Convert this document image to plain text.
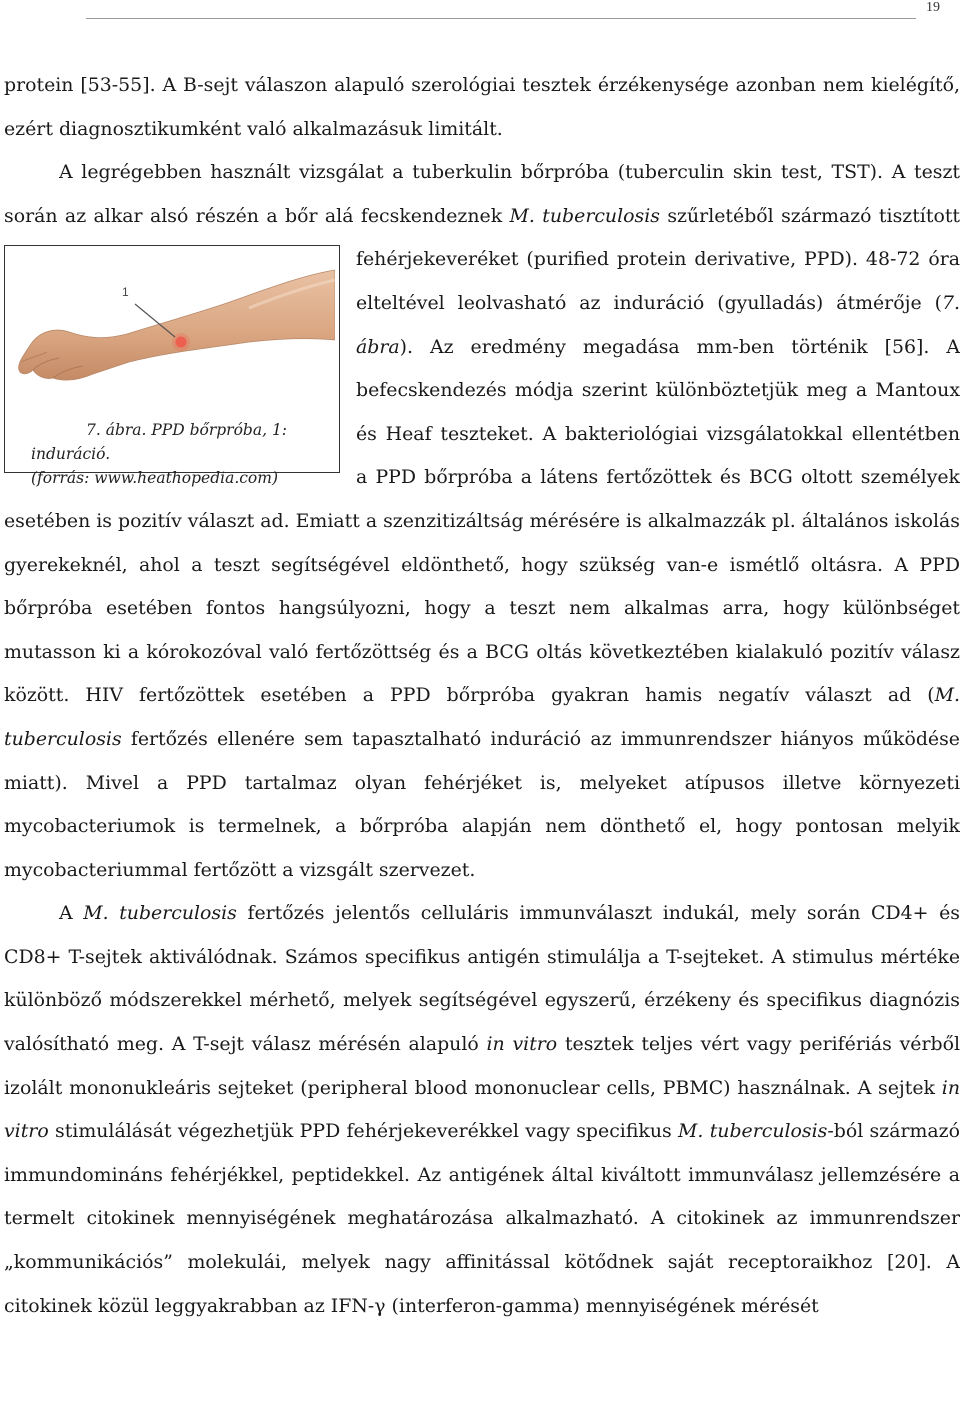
19

protein [53-55]. A B-sejt válaszon alapuló szerológiai tesztek érzékenysége azonban nem kielégítő, ezért diagnosztikumként való alkalmazásuk limitált.

A legrégebben használt vizsgálat a tuberkulin bőrpróba (tuberculin skin test, TST). A teszt során az alkar alsó részén a bőr alá fecskendeznek M. tuberculosis
1
7. ábra. PPD bőrpróba, 1: induráció.
(forrás: www.heathopedia.com)
szűrletéből származó tisztított fehérjekeveréket (purified protein derivative, PPD). 48-72 óra elteltével leolvasható az induráció (gyulladás) átmérője (7. ábra). Az eredmény megadása mm-ben történik [56]. A befecskendezés módja szerint különböztetjük meg a Mantoux és Heaf teszteket. A bakteriológiai vizsgálatokkal ellentétben a PPD bőrpróba a látens fertőzöttek és BCG oltott személyek esetében is pozitív választ ad. Emiatt a szenzitizáltság mérésére is alkalmazzák pl. általános iskolás gyerekeknél, ahol a teszt segítségével eldönthető, hogy szükség van-e ismétlő oltásra. A PPD bőrpróba esetében fontos hangsúlyozni, hogy a teszt nem alkalmas arra, hogy különbséget mutasson ki a kórokozóval való fertőzöttség és a BCG oltás következtében kialakuló pozitív válasz között. HIV fertőzöttek esetében a PPD bőrpróba gyakran hamis negatív választ ad (M. tuberculosis fertőzés ellenére sem tapasztalható induráció az immunrendszer hiányos működése miatt). Mivel a PPD tartalmaz olyan fehérjéket is, melyeket atípusos illetve környezeti mycobacteriumok is termelnek, a bőrpróba alapján nem dönthető el, hogy pontosan melyik mycobacteriummal fertőzött a vizsgált szervezet.

A M. tuberculosis fertőzés jelentős celluláris immunválaszt indukál, mely során CD4+ és CD8+ T-sejtek aktiválódnak. Számos specifikus antigén stimulálja a T-sejteket. A stimulus mértéke különböző módszerekkel mérhető, melyek segítségével egyszerű, érzékeny és specifikus diagnózis valósítható meg. A T-sejt válasz mérésén alapuló in vitro tesztek teljes vért vagy perifériás vérből izolált mononukleáris sejteket (peripheral blood mononuclear cells, PBMC) használnak. A sejtek in vitro stimulálását végezhetjük PPD fehérjekeverékkel vagy specifikus M. tuberculosis-ból származó immundomináns fehérjékkel, peptidekkel. Az antigének által kiváltott immunválasz jellemzésére a termelt citokinek mennyiségének meghatározása alkalmazható. A citokinek az immunrendszer „kommunikációs” molekulái, melyek nagy affinitással kötődnek saját receptoraikhoz [20]. A citokinek közül leggyakrabban az IFN-γ (interferon-gamma) mennyiségének mérését
